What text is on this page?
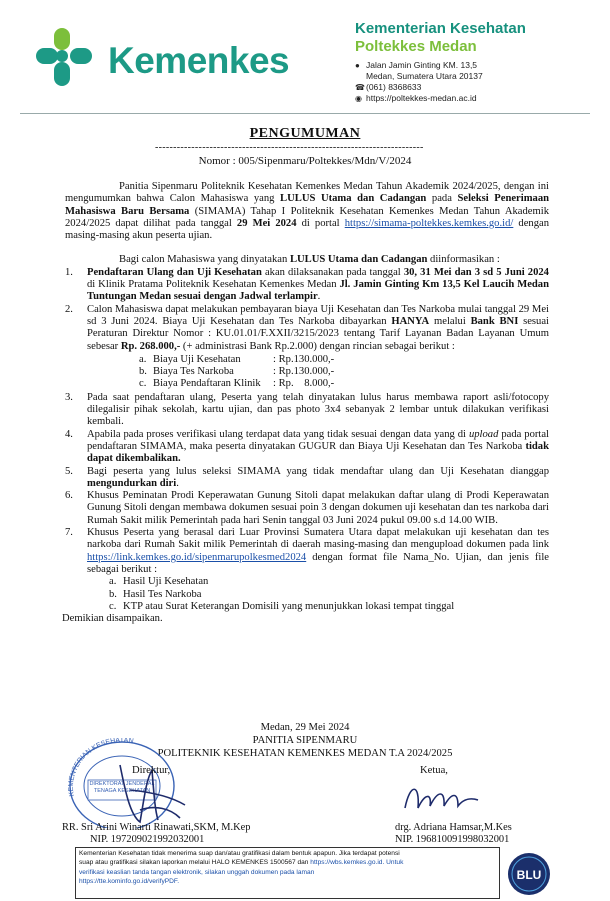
Kemenkes
Kementerian Kesehatan
Poltekkes Medan
● Jalan Jamin Ginting KM. 13,5
Medan, Sumatera Utara 20137
☎ (061) 8368633
◉ https://poltekkes-medan.ac.id
PENGUMUMAN
--------------------------------------------------------------------------
Nomor : 005/Sipenmaru/Poltekkes/Mdn/V/2024

Panitia Sipenmaru Politeknik Kesehatan Kemenkes Medan Tahun Akademik 2024/2025, dengan ini mengumumkan bahwa Calon Mahasiswa yang LULUS Utama dan Cadangan pada Seleksi Penerimaan Mahasiswa Baru Bersama (SIMAMA) Tahap I Politeknik Kesehatan Kemenkes Medan Tahun Akademik 2024/2025 dapat dilihat pada tanggal 29 Mei 2024 di portal https://simama-poltekkes.kemkes.go.id/ dengan masing-masing akun peserta ujian.

Bagi calon Mahasiswa yang dinyatakan LULUS Utama dan Cadangan diinformasikan :

1. Pendaftaran Ulang dan Uji Kesehatan akan dilaksanakan pada tanggal 30, 31 Mei dan 3 sd 5 Juni 2024 di Klinik Pratama Politeknik Kesehatan Kemenkes Medan Jl. Jamin Ginting Km 13,5 Kel Laucih Medan Tuntungan Medan sesuai dengan Jadwal terlampir.
2. Calon Mahasiswa dapat melakukan pembayaran biaya Uji Kesehatan dan Tes Narkoba mulai tanggal 29 Mei sd 3 Juni 2024. Biaya Uji Kesehatan dan Tes Narkoba dibayarkan HANYA melalui Bank BNI sesuai Peraturan Direktur Nomor : KU.01.01/F.XXII/3215/2023 tentang Tarif Layanan Badan Layanan Umum sebesar Rp. 268.000,- (+ administrasi Bank Rp.2.000) dengan rincian sebagai berikut :
a. Biaya Uji Kesehatan	: Rp.130.000,-
b. Biaya Tes Narkoba	: Rp.130.000,-
c. Biaya Pendaftaran Klinik	: Rp.    8.000,-
3. Pada saat pendaftaran ulang, Peserta yang telah dinyatakan lulus harus membawa raport asli/fotocopy dilegalisir pihak sekolah, kartu ujian, dan pas photo 3x4 sebanyak 2 lembar untuk dilakukan verifikasi kembali.
4. Apabila pada proses verifikasi ulang terdapat data yang tidak sesuai dengan data yang di upload pada portal pendaftaran SIMAMA, maka peserta dinyatakan GUGUR dan Biaya Uji Kesehatan dan Tes Narkoba tidak dapat dikembalikan.
5. Bagi peserta yang lulus seleksi SIMAMA yang tidak mendaftar ulang dan Uji Kesehatan dianggap mengundurkan diri.
6. Khusus Peminatan Prodi Keperawatan Gunung Sitoli dapat melakukan daftar ulang di Prodi Keperawatan Gunung Sitoli dengan membawa dokumen sesuai poin 3 dengan dokumen uji kesehatan dan tes narkoba dari Rumah Sakit milik Pemerintah pada hari Senin tanggal 03 Juni 2024 pukul 09.00 s.d 14.00 WIB.
7. Khusus Peserta yang berasal dari Luar Provinsi Sumatera Utara dapat melakukan uji kesehatan dan tes narkoba dari Rumah Sakit milik Pemerintah di daerah masing-masing dan mengupload dokumen pada link https://link.kemkes.go.id/sipenmarupolkesmed2024 dengan format file Nama_No. Ujian, dan jenis file sebagai berikut :
a. Hasil Uji Kesehatan
b. Hasil Tes Narkoba
c. KTP atau Surat Keterangan Domisili yang menunjukkan lokasi tempat tinggal

Demikian disampaikan.

Medan, 29 Mei 2024
PANITIA SIPENMARU
POLITEKNIK KESEHATAN KEMENKES MEDAN T.A 2024/2025
KEMENTERIAN KESEHATAN
DIREKTORAT JENDERAL TENAGA KESEHATAN
Direktur,	Ketua,
RR. Sri Arini Winarti Rinawati,SKM, M.Kep
NIP. 197209021992032001
drg. Adriana Hamsar,M.Kes
NIP. 196810091998032001
Kementerian Kesehatan tidak menerima suap dan/atau gratifikasi dalam bentuk apapun. Jika terdapat potensi
suap atau gratifikasi silakan laporkan melalui HALO KEMENKES 1500567 dan https://wbs.kemkes.go.id. Untuk
verifikasi keaslian tanda tangan elektronik, silakan unggah dokumen pada laman
https://tte.kominfo.go.id/verifyPDF.	BLU
